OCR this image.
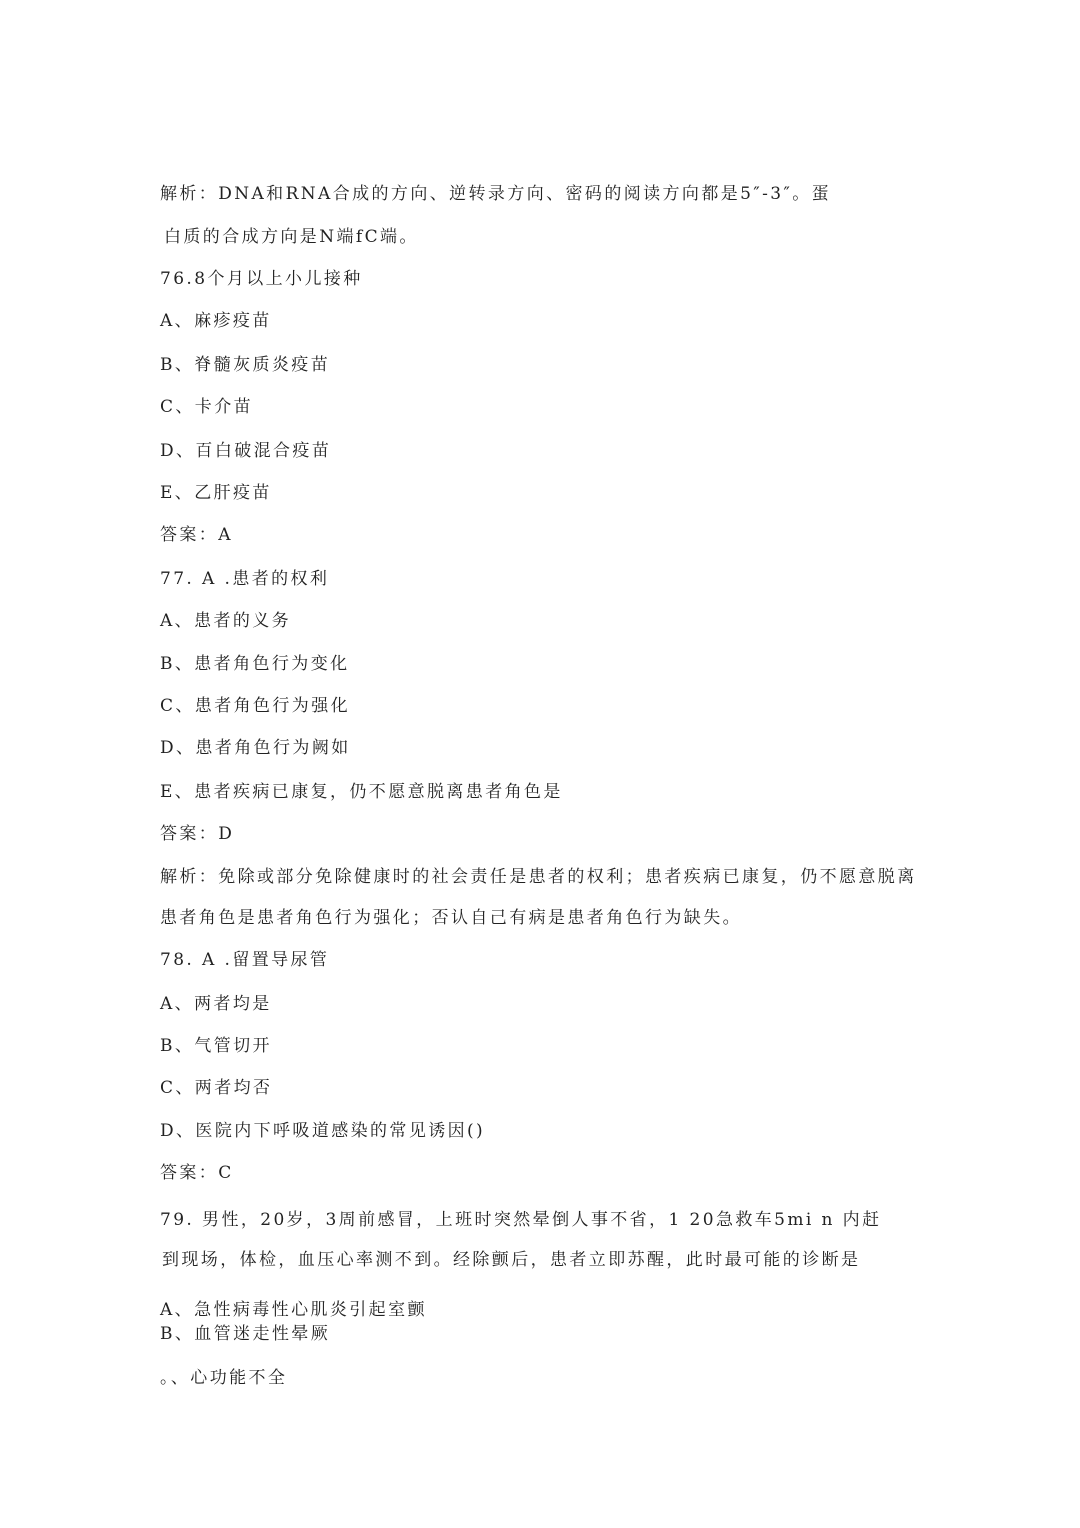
解析：DNA和RNA合成的方向、逆转录方向、密码的阅读方向都是5″-3″。蛋
白质的合成方向是N端fC端。
76.8个月以上小儿接种
A、麻疹疫苗
B、脊髓灰质炎疫苗
C、卡介苗
D、百白破混合疫苗
E、乙肝疫苗
答案：A
77. A .患者的权利
A、患者的义务
B、患者角色行为变化
C、患者角色行为强化
D、患者角色行为阙如
E、患者疾病已康复，仍不愿意脱离患者角色是
答案：D
解析：免除或部分免除健康时的社会责任是患者的权利；患者疾病已康复，仍不愿意脱离
患者角色是患者角色行为强化；否认自己有病是患者角色行为缺失。
78. A .留置导尿管
A、两者均是
B、气管切开
C、两者均否
D、医院内下呼吸道感染的常见诱因()
答案：C
79. 男性，20岁，3周前感冒，上班时突然晕倒人事不省，1 20急救车5mi n 内赶
到现场，体检，血压心率测不到。经除颤后，患者立即苏醒，此时最可能的诊断是
A、急性病毒性心肌炎引起室颤
B、血管迷走性晕厥
。、心功能不全
